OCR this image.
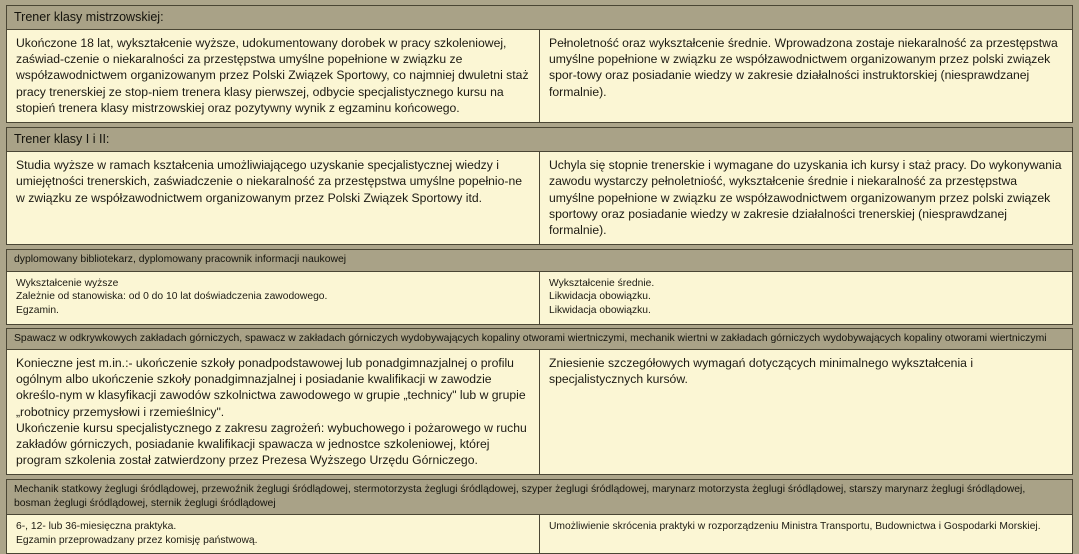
Trener klasy mistrzowskiej:

Ukończone 18 lat, wykształcenie wyższe, udokumentowany dorobek w pracy szkoleniowej, zaświad-czenie o niekaralności za przestępstwa umyślne popełnione w związku ze współzawodnictwem organizowanym przez Polski Związek Sportowy, co najmniej dwuletni staż pracy trenerskiej ze stop-niem trenera klasy pierwszej, odbycie specjalistycznego kursu na stopień trenera klasy mistrzowskiej oraz pozytywny wynik z egzaminu końcowego.

Pełnoletność oraz wykształcenie średnie. Wprowadzona zostaje niekaralność za przestępstwa umyślne popełnione w związku ze współzawodnictwem organizowanym przez polski związek spor-towy oraz posiadanie wiedzy w zakresie działalności instruktorskiej (niesprawdzanej formalnie).

Trener klasy I i II:

Studia wyższe w ramach kształcenia umożliwiającego uzyskanie specjalistycznej wiedzy i umiejętności trenerskich, zaświadczenie o niekaralność za przestępstwa umyślne popełnio-ne w związku ze współzawodnictwem organizowanym przez Polski Związek Sportowy itd.

Uchyla się stopnie trenerskie i wymagane do uzyskania ich kursy i staż pracy. Do wykonywania zawodu wystarczy pełnoletniość, wykształcenie średnie i niekaralność za przestępstwa umyślne popełnione w związku ze współzawodnictwem organizowanym przez polski związek sportowy oraz posiadanie wiedzy w zakresie działalności trenerskiej (niesprawdzanej formalnie).

dyplomowany bibliotekarz, dyplomowany pracownik informacji naukowej

Wykształcenie wyższe

Zależnie od stanowiska: od 0 do 10 lat doświadczenia zawodowego.

Egzamin.

Wykształcenie średnie.

Likwidacja obowiązku.

Likwidacja obowiązku.

Spawacz w odkrywkowych zakładach górniczych, spawacz w zakładach górniczych wydobywających kopaliny otworami wiertniczymi, mechanik wiertni w zakładach górniczych wydobywających kopaliny otworami wiertniczymi

Konieczne jest m.in.:- ukończenie szkoły ponadpodstawowej lub ponadgimnazjalnej o profilu ogólnym albo ukończenie szkoły ponadgimnazjalnej i posiadanie kwalifikacji w zawodzie określo-nym w klasyfikacji zawodów szkolnictwa zawodowego w grupie „technicy" lub w grupie „robotnicy przemysłowi i rzemieślnicy".

Ukończenie kursu specjalistycznego z zakresu zagrożeń: wybuchowego i pożarowego w ruchu zakładów górniczych, posiadanie kwalifikacji spawacza w jednostce szkoleniowej, której program szkolenia został zatwierdzony przez Prezesa Wyższego Urzędu Górniczego.

Zniesienie szczegółowych wymagań dotyczących minimalnego wykształcenia i specjalistycznych kursów.

Mechanik statkowy żeglugi śródlądowej, przewoźnik żeglugi śródlądowej, stermotorzysta żeglugi śródlądowej, szyper żeglugi śródlądowej, marynarz motorzysta żeglugi śródlądowej, starszy marynarz żeglugi śródlądowej, bosman żeglugi śródlądowej, sternik żeglugi śródlądowej

6-, 12- lub 36-miesięczna praktyka.

Egzamin przeprowadzany przez komisję państwową.

Umożliwienie skrócenia praktyki w rozporządzeniu Ministra Transportu, Budownictwa i Gospodarki Morskiej.
